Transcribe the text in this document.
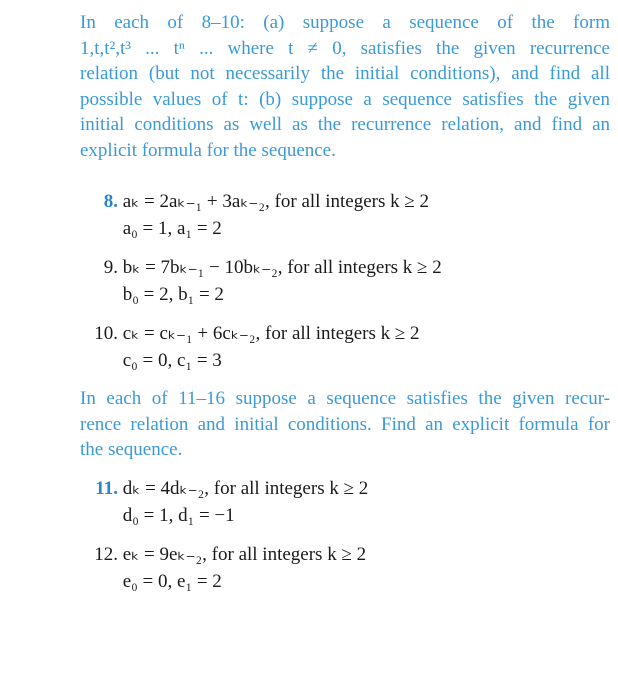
In each of 8–10: (a) suppose a sequence of the form
1,t,t²,t³ ... tⁿ ... where t ≠ 0, satisfies the given recurrence
relation (but not necessarily the initial conditions), and find all
possible values of t: (b) suppose a sequence satisfies the given
initial conditions as well as the recurrence relation, and find an
explicit formula for the sequence.
8. aₖ = 2aₖ₋₁ + 3aₖ₋₂, for all integers k ≥ 2
a₀ = 1, a₁ = 2
9. bₖ = 7bₖ₋₁ − 10bₖ₋₂, for all integers k ≥ 2
b₀ = 2, b₁ = 2
10. cₖ = cₖ₋₁ + 6cₖ₋₂, for all integers k ≥ 2
c₀ = 0, c₁ = 3
In each of 11–16 suppose a sequence satisfies the given recur-
rence relation and initial conditions. Find an explicit formula for
the sequence.
11. dₖ = 4dₖ₋₂, for all integers k ≥ 2
d₀ = 1, d₁ = −1
12. eₖ = 9eₖ₋₂, for all integers k ≥ 2
e₀ = 0, e₁ = 2
